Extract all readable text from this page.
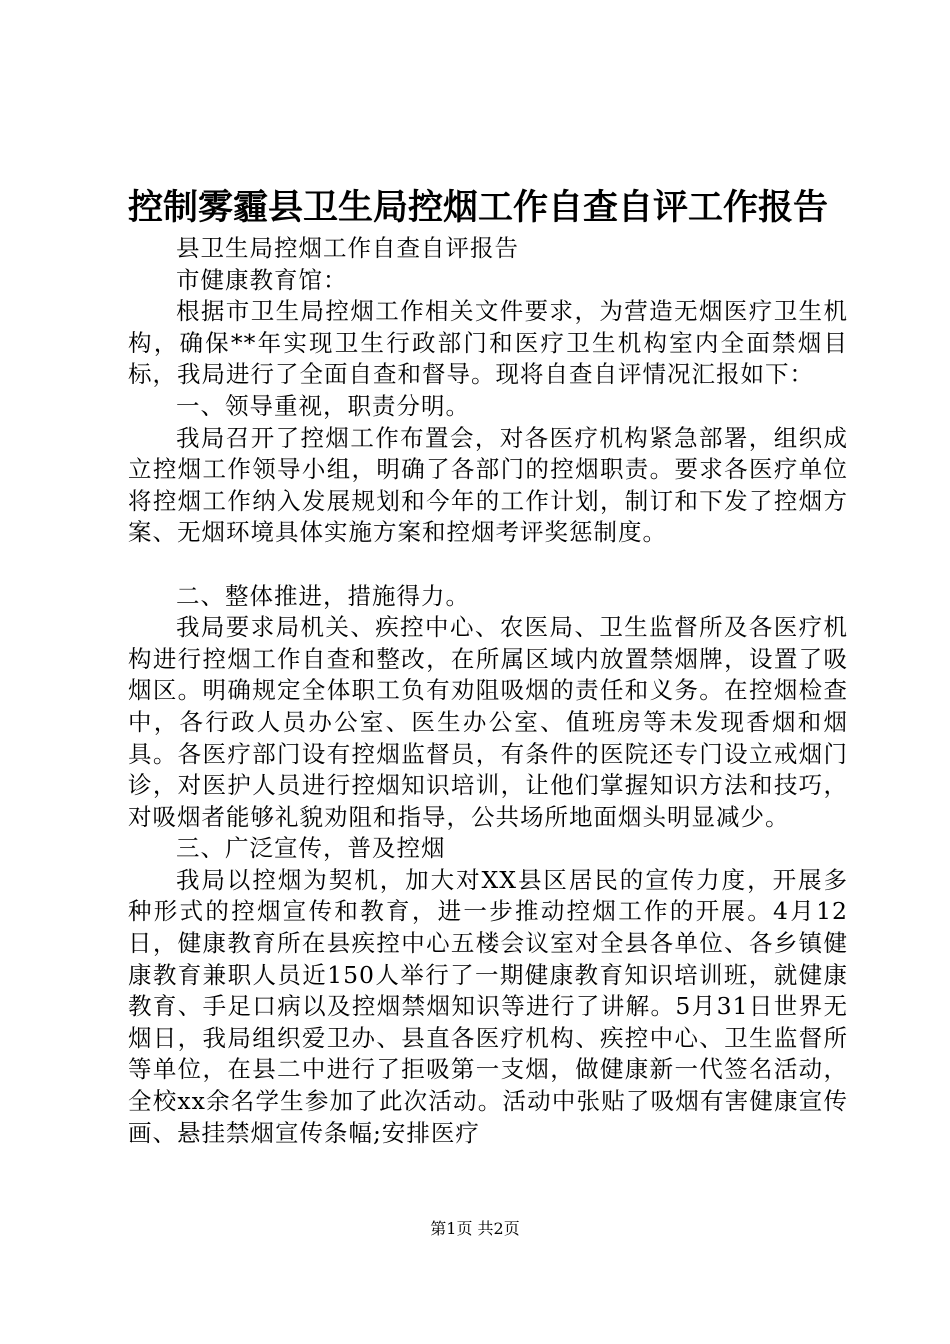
控制雾霾县卫生局控烟工作自查自评工作报告

县卫生局控烟工作自查自评报告

市健康教育馆：

根据市卫生局控烟工作相关文件要求，为营造无烟医疗卫生机构，确保**年实现卫生行政部门和医疗卫生机构室内全面禁烟目标，我局进行了全面自查和督导。现将自查自评情况汇报如下：

一、领导重视，职责分明。

我局召开了控烟工作布置会，对各医疗机构紧急部署，组织成立控烟工作领导小组，明确了各部门的控烟职责。要求各医疗单位将控烟工作纳入发展规划和今年的工作计划，制订和下发了控烟方案、无烟环境具体实施方案和控烟考评奖惩制度。

二、整体推进，措施得力。

我局要求局机关、疾控中心、农医局、卫生监督所及各医疗机构进行控烟工作自查和整改，在所属区域内放置禁烟牌，设置了吸烟区。明确规定全体职工负有劝阻吸烟的责任和义务。在控烟检查中，各行政人员办公室、医生办公室、值班房等未发现香烟和烟具。各医疗部门设有控烟监督员，有条件的医院还专门设立戒烟门诊，对医护人员进行控烟知识培训，让他们掌握知识方法和技巧，对吸烟者能够礼貌劝阻和指导，公共场所地面烟头明显减少。

三、广泛宣传，普及控烟

我局以控烟为契机，加大对XX县区居民的宣传力度，开展多种形式的控烟宣传和教育，进一步推动控烟工作的开展。4月12日，健康教育所在县疾控中心五楼会议室对全县各单位、各乡镇健康教育兼职人员近150人举行了一期健康教育知识培训班，就健康教育、手足口病以及控烟禁烟知识等进行了讲解。5月31日世界无烟日，我局组织爱卫办、县直各医疗机构、疾控中心、卫生监督所等单位，在县二中进行了拒吸第一支烟，做健康新一代签名活动，全校xx余名学生参加了此次活动。活动中张贴了吸烟有害健康宣传画、悬挂禁烟宣传条幅;安排医疗

第1页 共2页
